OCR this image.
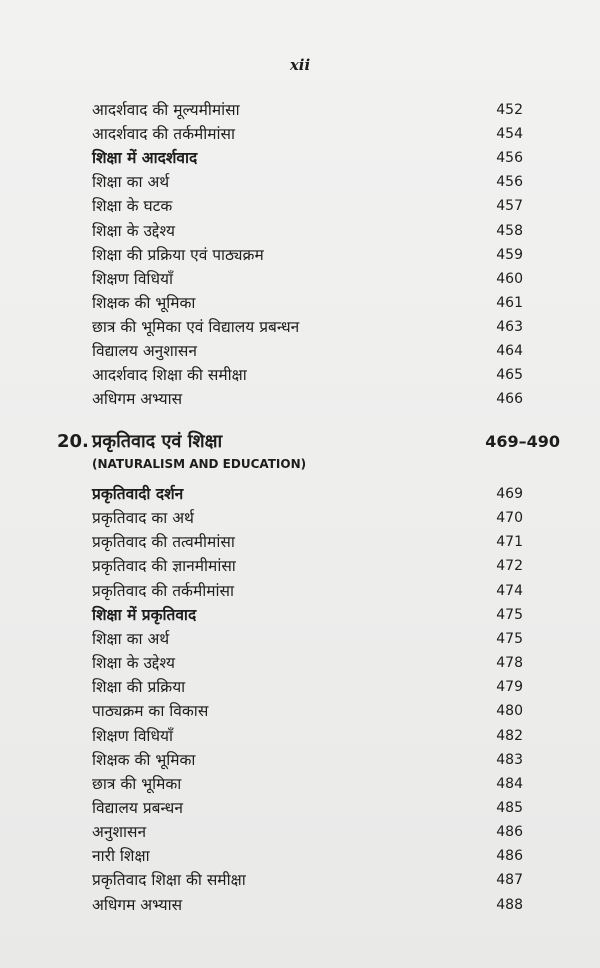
xii
आदर्शवाद की मूल्यमीमांसा	452
आदर्शवाद की तर्कमीमांसा	454
शिक्षा में आदर्शवाद	456
शिक्षा का अर्थ	456
शिक्षा के घटक	457
शिक्षा के उद्देश्य	458
शिक्षा की प्रक्रिया एवं पाठ्यक्रम	459
शिक्षण विधियाँ	460
शिक्षक की भूमिका	461
छात्र की भूमिका एवं विद्यालय प्रबन्धन	463
विद्यालय अनुशासन	464
आदर्शवाद शिक्षा की समीक्षा	465
अधिगम अभ्यास	466
20. प्रकृतिवाद एवं शिक्षा	469–490
(NATURALISM AND EDUCATION)
प्रकृतिवादी दर्शन	469
प्रकृतिवाद का अर्थ	470
प्रकृतिवाद की तत्वमीमांसा	471
प्रकृतिवाद की ज्ञानमीमांसा	472
प्रकृतिवाद की तर्कमीमांसा	474
शिक्षा में प्रकृतिवाद	475
शिक्षा का अर्थ	475
शिक्षा के उद्देश्य	478
शिक्षा की प्रक्रिया	479
पाठ्यक्रम का विकास	480
शिक्षण विधियाँ	482
शिक्षक की भूमिका	483
छात्र की भूमिका	484
विद्यालय प्रबन्धन	485
अनुशासन	486
नारी शिक्षा	486
प्रकृतिवाद शिक्षा की समीक्षा	487
अधिगम अभ्यास	488
